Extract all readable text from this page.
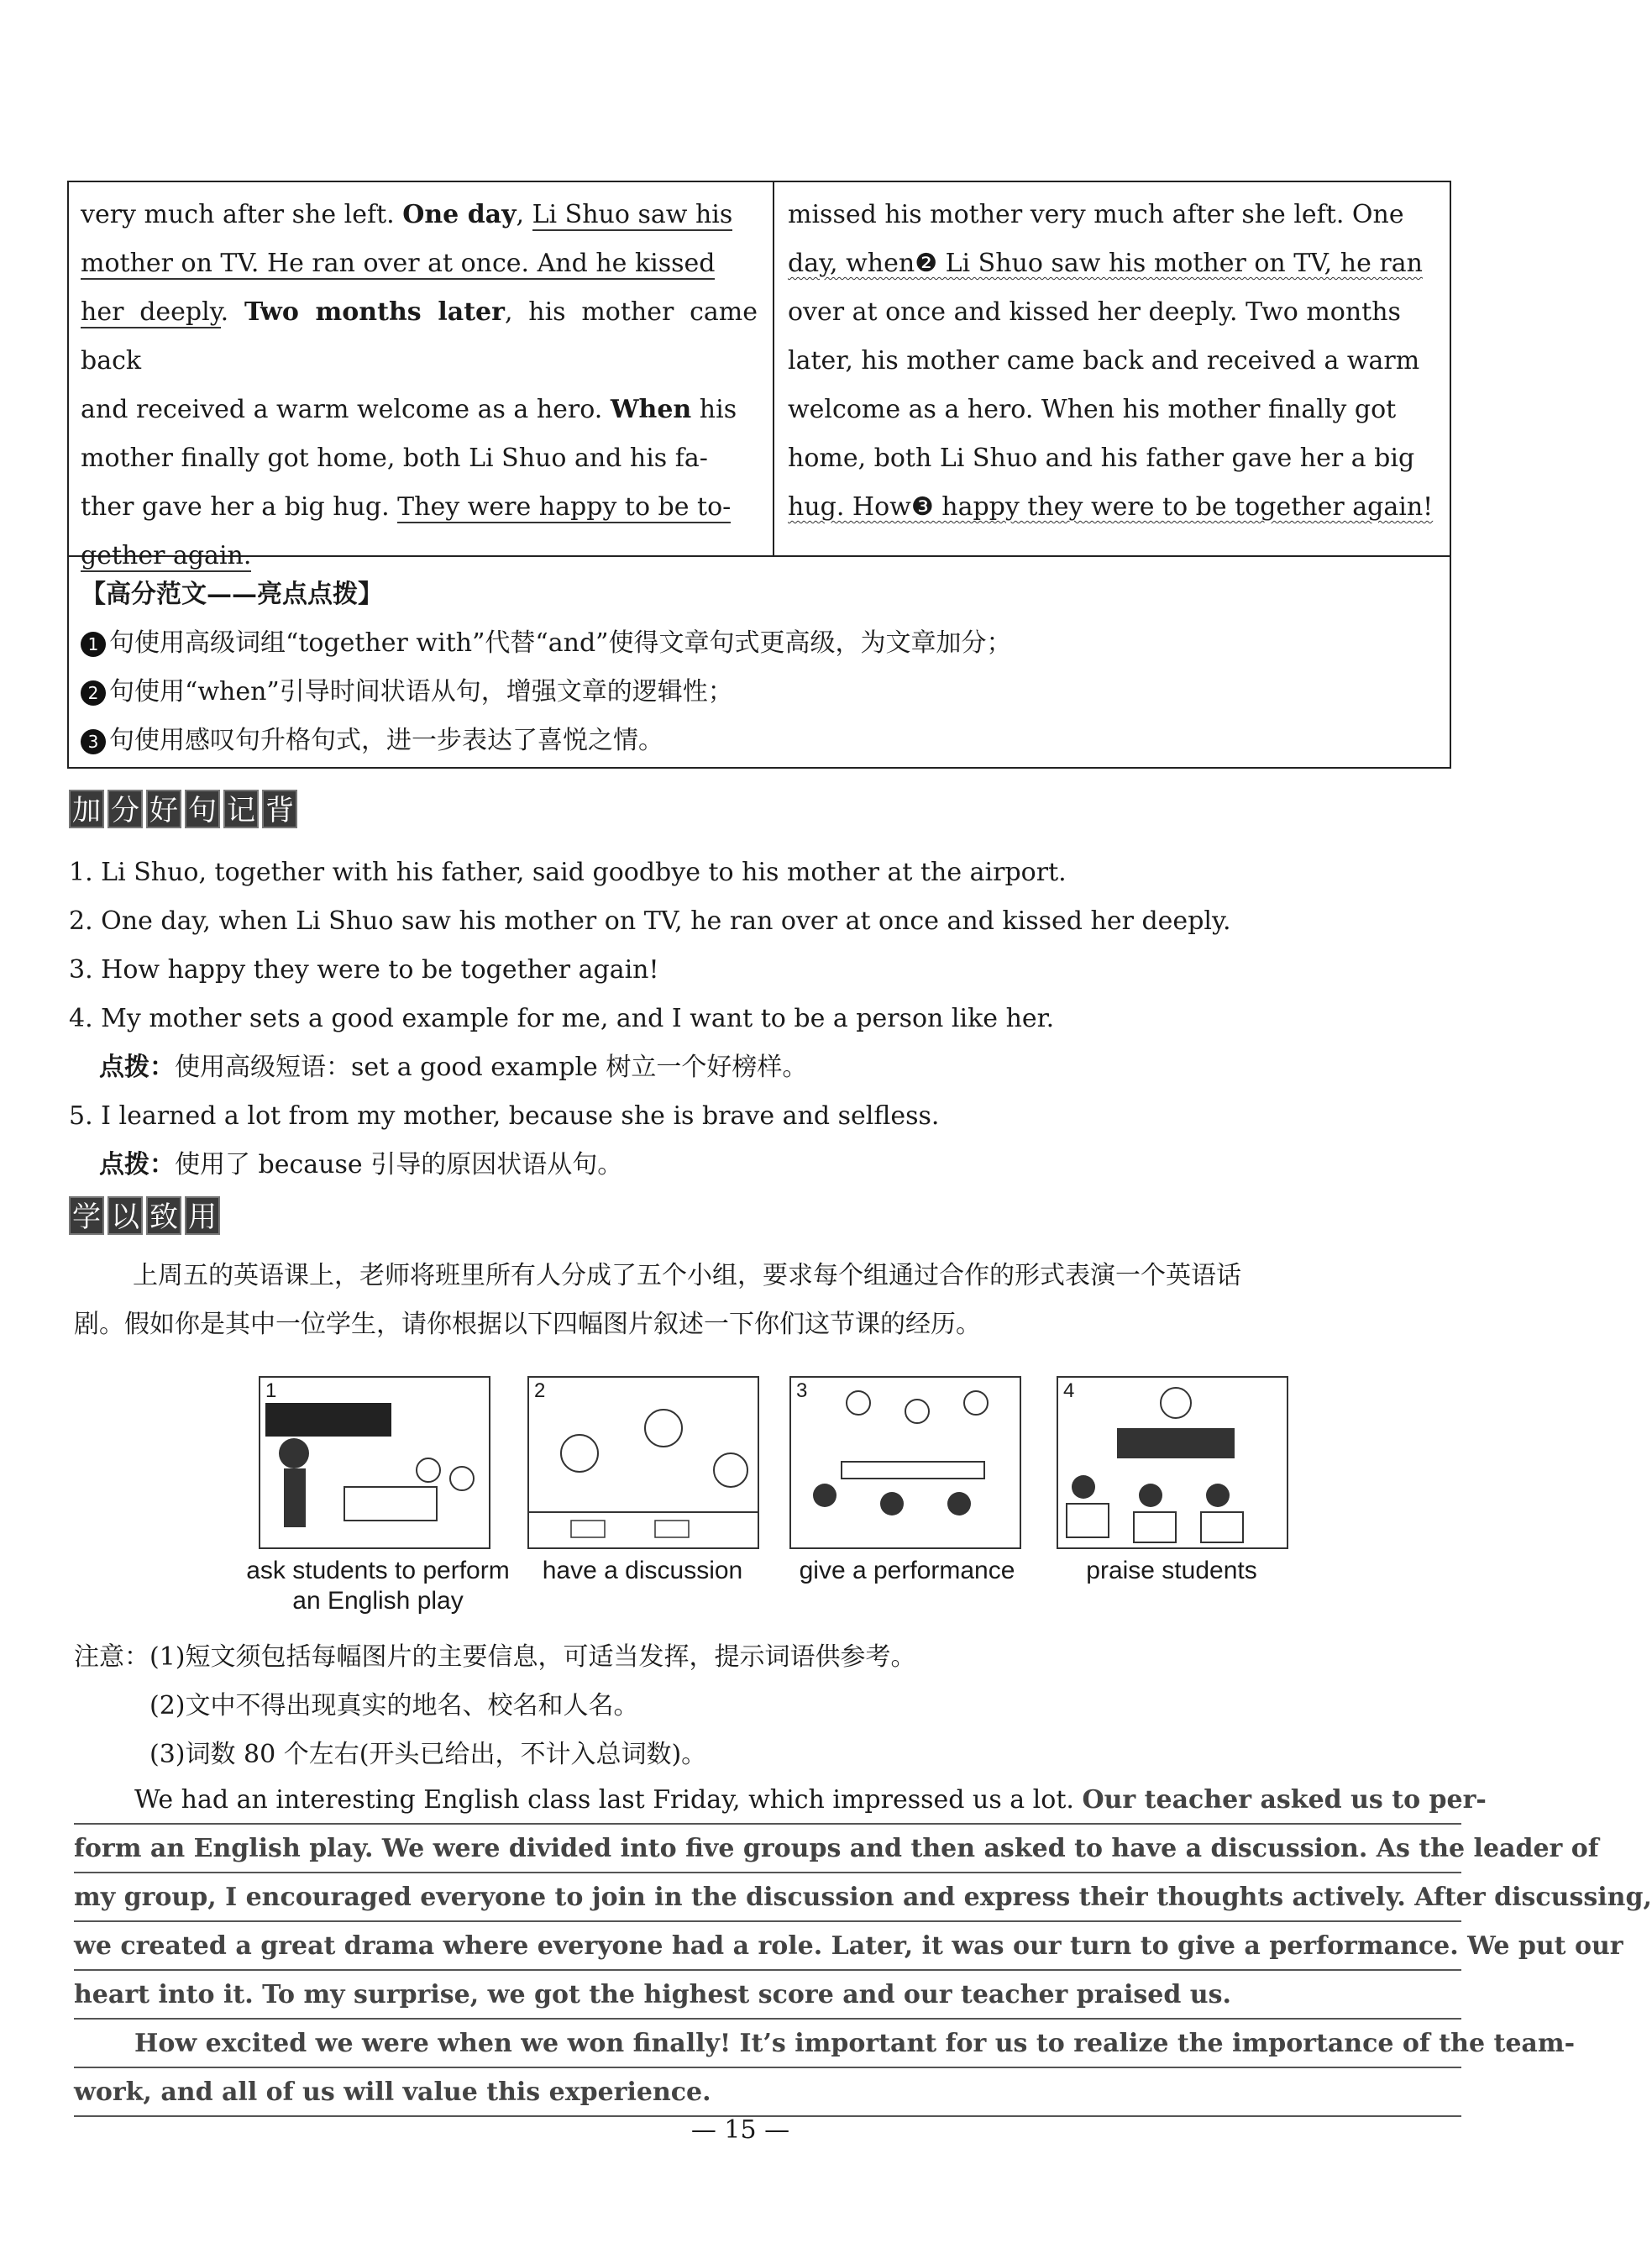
very much after she left. One day, Li Shuo saw his

mother on TV. He ran over at once. And he kissed

her deeply. Two months later, his mother came back

and received a warm welcome as a hero. When his

mother finally got home, both Li Shuo and his fa-

ther gave her a big hug. They were happy to be to-

gether again.

missed his mother very much after she left. One

day, when❷ Li Shuo saw his mother on TV, he ran

over at once and kissed her deeply. Two months

later, his mother came back and received a warm

welcome as a hero. When his mother finally got

home, both Li Shuo and his father gave her a big

hug. How❸ happy they were to be together again!

【高分范文——亮点点拨】
1 句使用高级词组“together with”代替“and”使得文章句式更高级，为文章加分；
2 句使用“when”引导时间状语从句，增强文章的逻辑性；
3 句使用感叹句升格句式，进一步表达了喜悦之情。
加 分 好 句 记 背
1. Li Shuo, together with his father, said goodbye to his mother at the airport.
2. One day, when Li Shuo saw his mother on TV, he ran over at once and kissed her deeply.
3. How happy they were to be together again!
4. My mother sets a good example for me, and I want to be a person like her.
点拨：使用高级短语：set a good example 树立一个好榜样。
5. I learned a lot from my mother, because she is brave and selfless.
点拨：使用了 because 引导的原因状语从句。
学 以 致 用
上周五的英语课上，老师将班里所有人分成了五个小组，要求每个组通过合作的形式表演一个英语话
剧。假如你是其中一位学生，请你根据以下四幅图片叙述一下你们这节课的经历。
1	2	3	4
ask students to perform
an English play
have a discussion	give a performance	praise students
注意：(1)短文须包括每幅图片的主要信息，可适当发挥，提示词语供参考。
(2)文中不得出现真实的地名、校名和人名。
(3)词数 80 个左右(开头已给出，不计入总词数)。
We had an interesting English class last Friday, which impressed us a lot. Our teacher asked us to per-
form an English play. We were divided into five groups and then asked to have a discussion. As the leader of
my group, I encouraged everyone to join in the discussion and express their thoughts actively. After discussing,
we created a great drama where everyone had a role. Later, it was our turn to give a performance. We put our
heart into it. To my surprise, we got the highest score and our teacher praised us.
How excited we were when we won finally! It’s important for us to realize the importance of the team-
work, and all of us will value this experience.
— 15 —
